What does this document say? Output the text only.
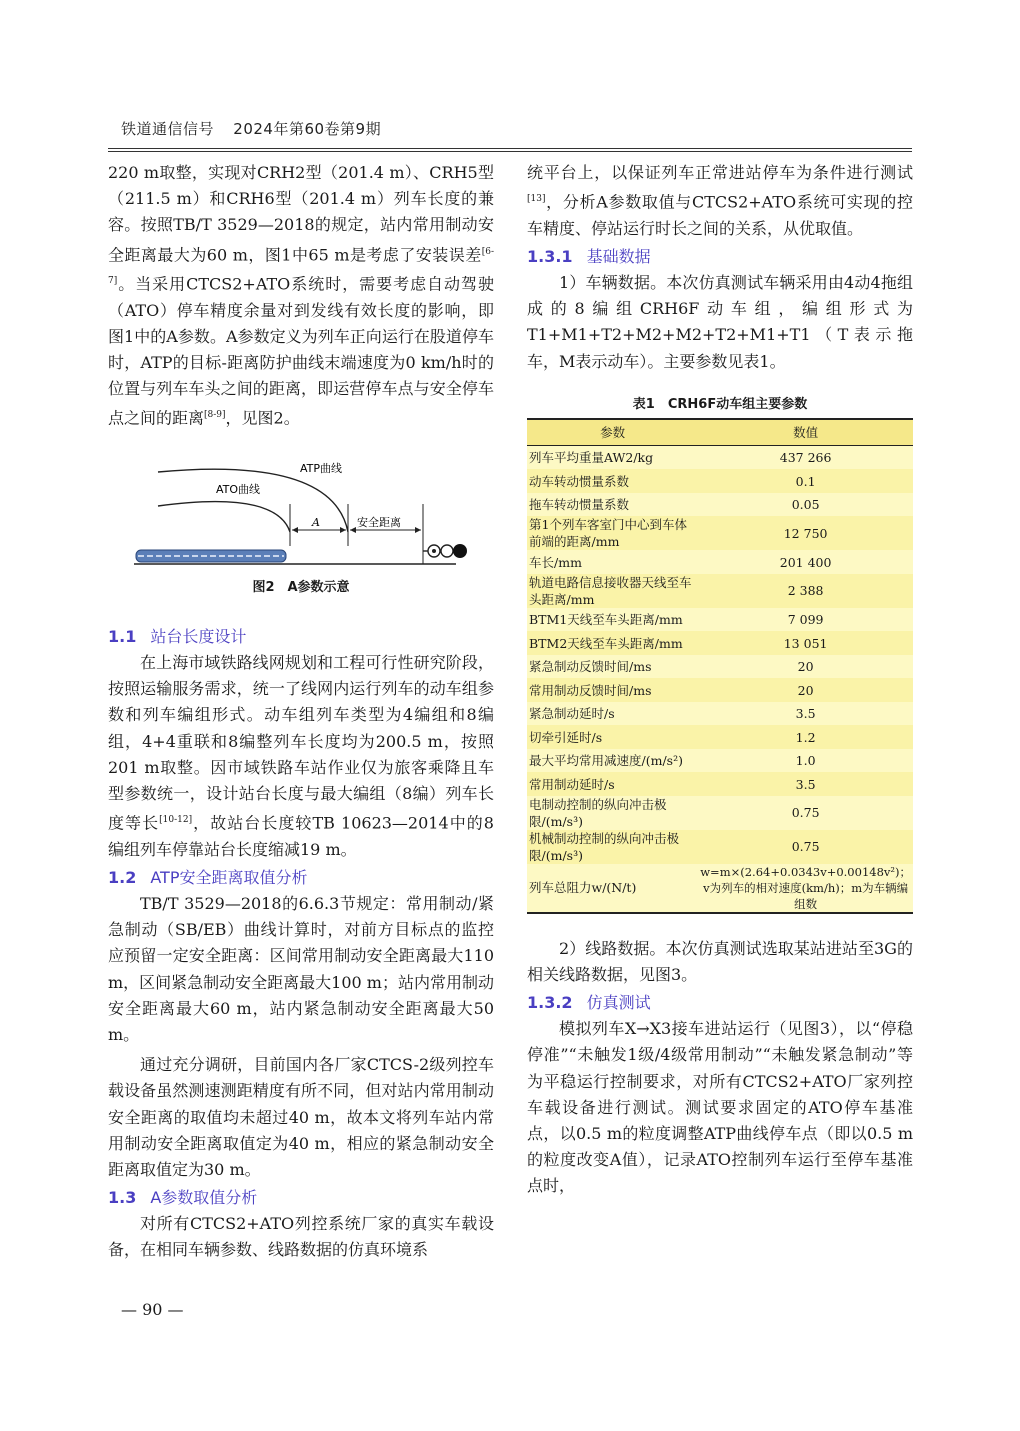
铁道通信信号 2024年第60卷第9期

220 m取整，实现对CRH2型（201.4 m）、CRH5型（211.5 m）和CRH6型（201.4 m）列车长度的兼容。按照TB/T 3529—2018的规定，站内常用制动安全距离最大为60 m，图1中65 m是考虑了安装误差[6-7]。当采用CTCS2+ATO系统时，需要考虑自动驾驶（ATO）停车精度余量对到发线有效长度的影响，即图1中的A参数。A参数定义为列车正向运行在股道停车时，ATP的目标-距离防护曲线末端速度为0 km/h时的位置与列车车头之间的距离，即运营停车点与安全停车点之间的距离[8-9]，见图2。

ATP曲线
ATO曲线
A	安全距离
图2　A参数示意
1.1 站台长度设计

在上海市域铁路线网规划和工程可行性研究阶段，按照运输服务需求，统一了线网内运行列车的动车组参数和列车编组形式。动车组列车类型为4编组和8编组，4+4重联和8编整列车长度均为200.5 m，按照201 m取整。因市域铁路车站作业仅为旅客乘降且车型参数统一，设计站台长度与最大编组（8编）列车长度等长[10-12]，故站台长度较TB 10623—2014中的8编组列车停靠站台长度缩减19 m。

1.2 ATP安全距离取值分析

TB/T 3529—2018的6.6.3节规定：常用制动/紧急制动（SB/EB）曲线计算时，对前方目标点的监控应预留一定安全距离：区间常用制动安全距离最大110 m，区间紧急制动安全距离最大100 m；站内常用制动安全距离最大60 m，站内紧急制动安全距离最大50 m。

通过充分调研，目前国内各厂家CTCS-2级列控车载设备虽然测速测距精度有所不同，但对站内常用制动安全距离的取值均未超过40 m，故本文将列车站内常用制动安全距离取值定为40 m，相应的紧急制动安全距离取值定为30 m。

1.3 A参数取值分析

对所有CTCS2+ATO列控系统厂家的真实车载设备，在相同车辆参数、线路数据的仿真环境系

统平台上，以保证列车正常进站停车为条件进行测试[13]，分析A参数取值与CTCS2+ATO系统可实现的控车精度、停站运行时长之间的关系，从优取值。

1.3.1 基础数据

1）车辆数据。本次仿真测试车辆采用由4动4拖组成的8编组CRH6F动车组，编组形式为T1+M1+T2+M2+M2+T2+M1+T1（T表示拖车，M表示动车）。主要参数见表1。

表1　CRH6F动车组主要参数
参数	数值
列车平均重量AW2/kg	437 266
动车转动惯量系数	0.1
拖车转动惯量系数	0.05
第1个列车客室门中心到车体前端的距离/mm	12 750
车长/mm	201 400
轨道电路信息接收器天线至车头距离/mm	2 388
BTM1天线至车头距离/mm	7 099
BTM2天线至车头距离/mm	13 051
紧急制动反馈时间/ms	20
常用制动反馈时间/ms	20
紧急制动延时/s	3.5
切牵引延时/s	1.2
最大平均常用减速度/(m/s²)	1.0
常用制动延时/s	3.5
电制动控制的纵向冲击极限/(m/s³)	0.75
机械制动控制的纵向冲击极限/(m/s³)	0.75
列车总阻力w/(N/t)	w=m×(2.64+0.0343v+0.00148v²)；v为列车的相对速度(km/h)；m为车辆编组数

2）线路数据。本次仿真测试选取某站进站至3G的相关线路数据，见图3。

1.3.2 仿真测试

模拟列车X→X3接车进站运行（见图3），以“停稳停准”“未触发1级/4级常用制动”“未触发紧急制动”等为平稳运行控制要求，对所有CTCS2+ATO厂家列控车载设备进行测试。测试要求固定的ATO停车基准点，以0.5 m的粒度调整ATP曲线停车点（即以0.5 m的粒度改变A值），记录ATO控制列车运行至停车基准点时，

— 90 —
